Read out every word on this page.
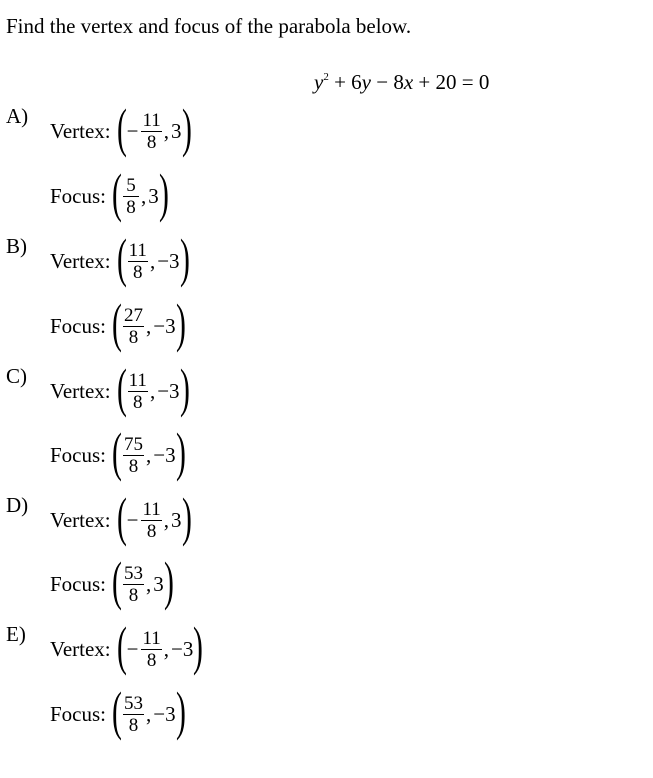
Find the vertex and focus of the parabola below.
$y^2 + 6y - 8x + 20 = 0$
A)
Vertex: ( − $\frac{11}{8}$ , 3 )
Focus: ( $\frac{5}{8}$ , 3 )
B)
Vertex: ( $\frac{11}{8}$ , −3 )
Focus: ( $\frac{27}{8}$ , −3 )
C)
Vertex: ( $\frac{11}{8}$ , −3 )
Focus: ( $\frac{75}{8}$ , −3 )
D)
Vertex: ( − $\frac{11}{8}$ , 3 )
Focus: ( $\frac{53}{8}$ , 3 )
E)
Vertex: ( − $\frac{11}{8}$ , −3 )
Focus: ( $\frac{53}{8}$ , −3 )
